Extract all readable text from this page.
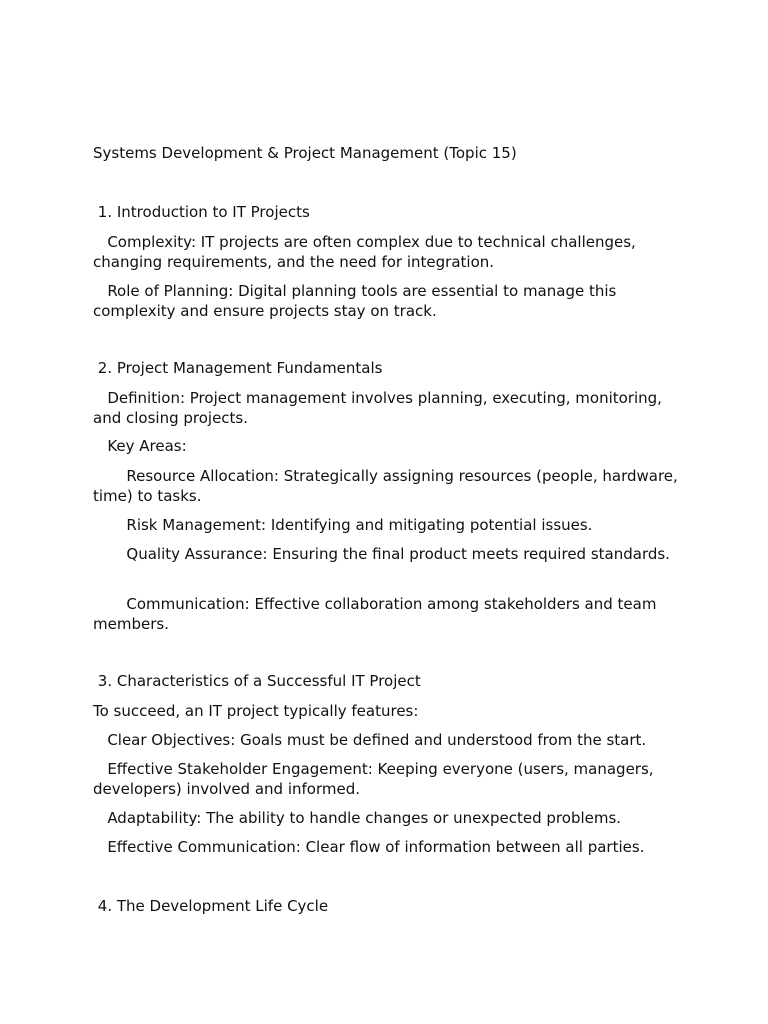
Systems Development & Project Management (Topic 15)
1. Introduction to IT Projects
Complexity: IT projects are often complex due to technical challenges, changing requirements, and the need for integration.
Role of Planning: Digital planning tools are essential to manage this complexity and ensure projects stay on track.
2. Project Management Fundamentals
Definition: Project management involves planning, executing, monitoring, and closing projects.
Key Areas:
Resource Allocation: Strategically assigning resources (people, hardware, time) to tasks.
Risk Management: Identifying and mitigating potential issues.
Quality Assurance: Ensuring the final product meets required standards.
Communication: Effective collaboration among stakeholders and team members.
3. Characteristics of a Successful IT Project
To succeed, an IT project typically features:
Clear Objectives: Goals must be defined and understood from the start.
Effective Stakeholder Engagement: Keeping everyone (users, managers, developers) involved and informed.
Adaptability: The ability to handle changes or unexpected problems.
Effective Communication: Clear flow of information between all parties.
4. The Development Life Cycle
